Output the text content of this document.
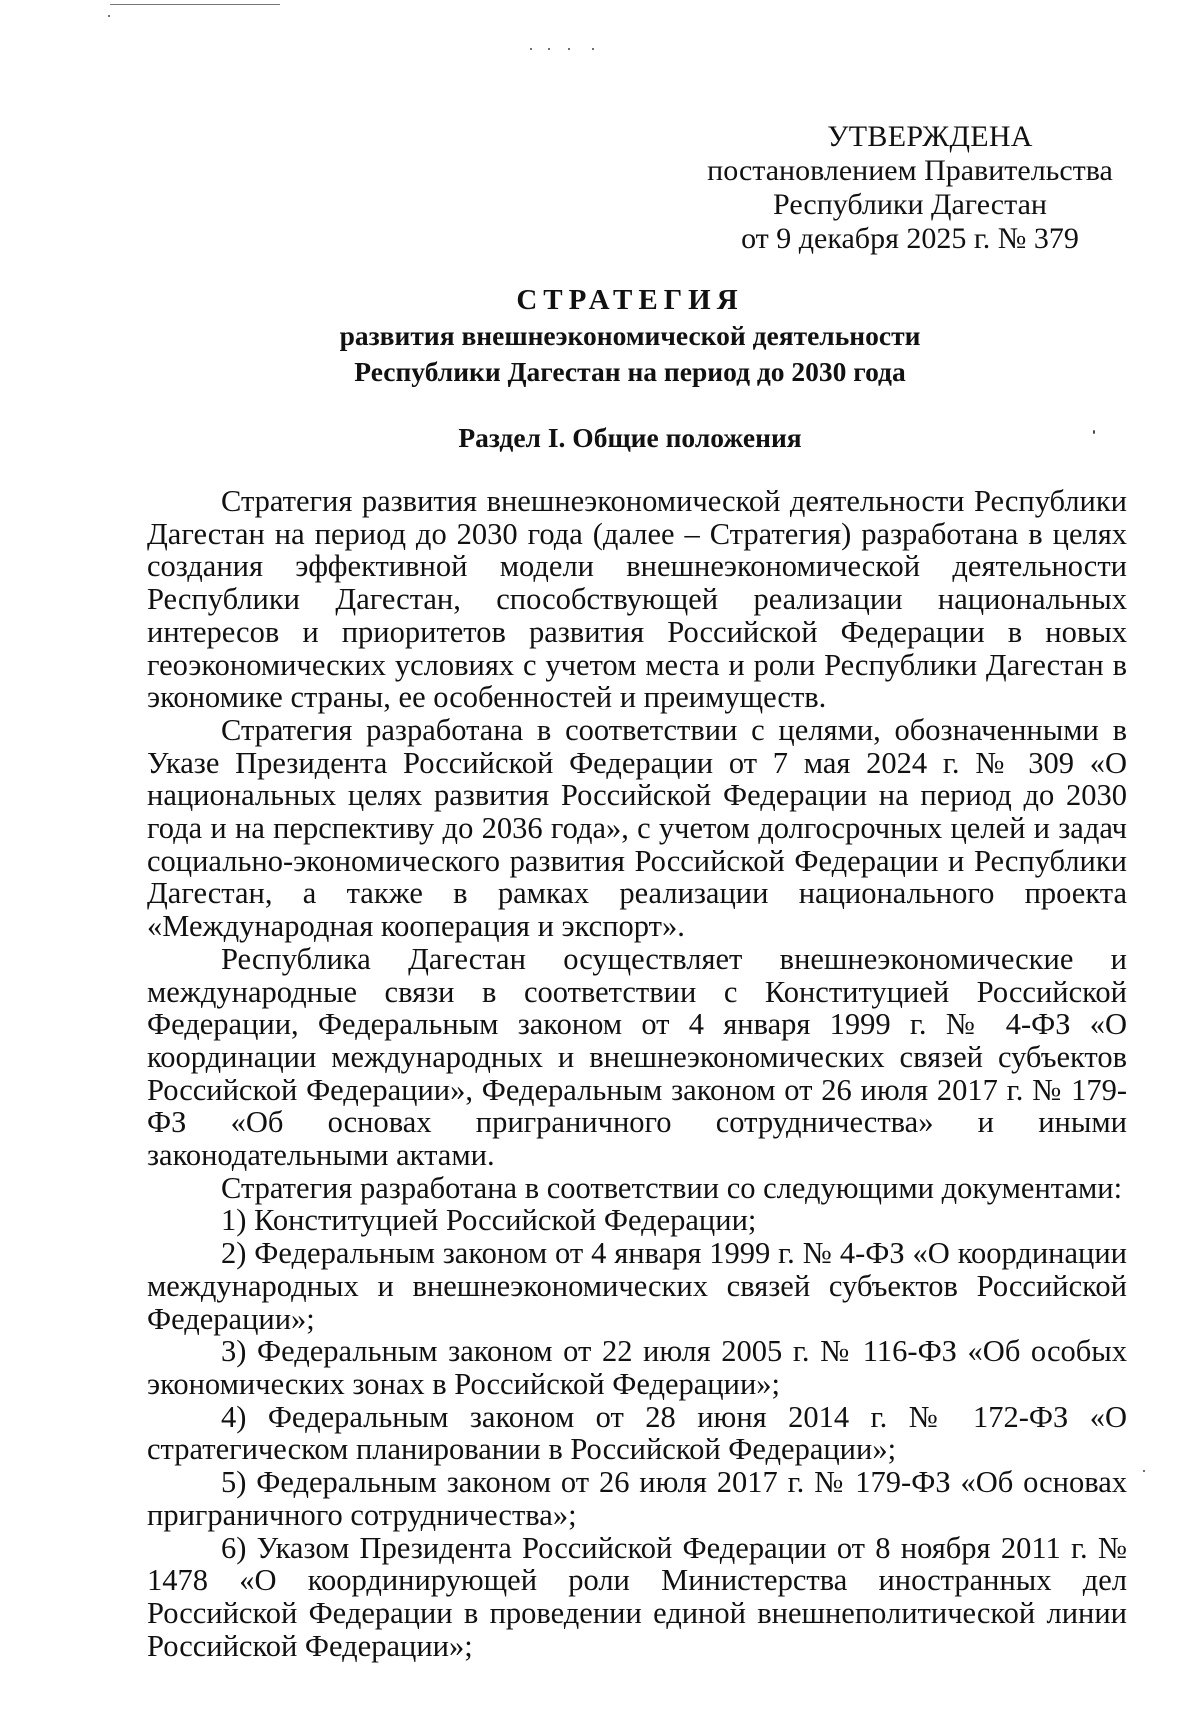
УТВЕРЖДЕНА
постановлением Правительства
Республики Дагестан
от 9 декабря 2025 г. № 379
СТРАТЕГИЯ
развития внешнеэкономической деятельности
Республики Дагестан на период до 2030 года
Раздел I. Общие положения

Стратегия развития внешнеэкономической деятельности Республики Дагестан на период до 2030 года (далее – Стратегия) разработана в целях создания эффективной модели внешнеэкономической деятельности Республики Дагестан, способствующей реализации национальных интересов и приоритетов развития Российской Федерации в новых геоэкономических условиях с учетом места и роли Республики Дагестан в экономике страны, ее особенностей и преимуществ.

Стратегия разработана в соответствии с целями, обозначенными в Указе Президента Российской Федерации от 7 мая 2024 г. № 309 «О национальных целях развития Российской Федерации на период до 2030 года и на перспективу до 2036 года», с учетом долгосрочных целей и задач социально-экономического развития Российской Федерации и Республики Дагестан, а также в рамках реализации национального проекта «Международная кооперация и экспорт».

Республика Дагестан осуществляет внешнеэкономические и международные связи в соответствии с Конституцией Российской Федерации, Федеральным законом от 4 января 1999 г. № 4-ФЗ «О координации международных и внешнеэкономических связей субъектов Российской Федерации», Федеральным законом от 26 июля 2017 г. № 179-ФЗ «Об основах приграничного сотрудничества» и иными законодательными актами.

Стратегия разработана в соответствии со следующими документами:

1) Конституцией Российской Федерации;

2) Федеральным законом от 4 января 1999 г. № 4-ФЗ «О координации международных и внешнеэкономических связей субъектов Российской Федерации»;

3) Федеральным законом от 22 июля 2005 г. № 116-ФЗ «Об особых экономических зонах в Российской Федерации»;

4) Федеральным законом от 28 июня 2014 г. № 172-ФЗ «О стратегическом планировании в Российской Федерации»;

5) Федеральным законом от 26 июля 2017 г. № 179-ФЗ «Об основах приграничного сотрудничества»;

6) Указом Президента Российской Федерации от 8 ноября 2011 г. № 1478 «О координирующей роли Министерства иностранных дел Российской Федерации в проведении единой внешнеполитической линии Российской Федерации»;
